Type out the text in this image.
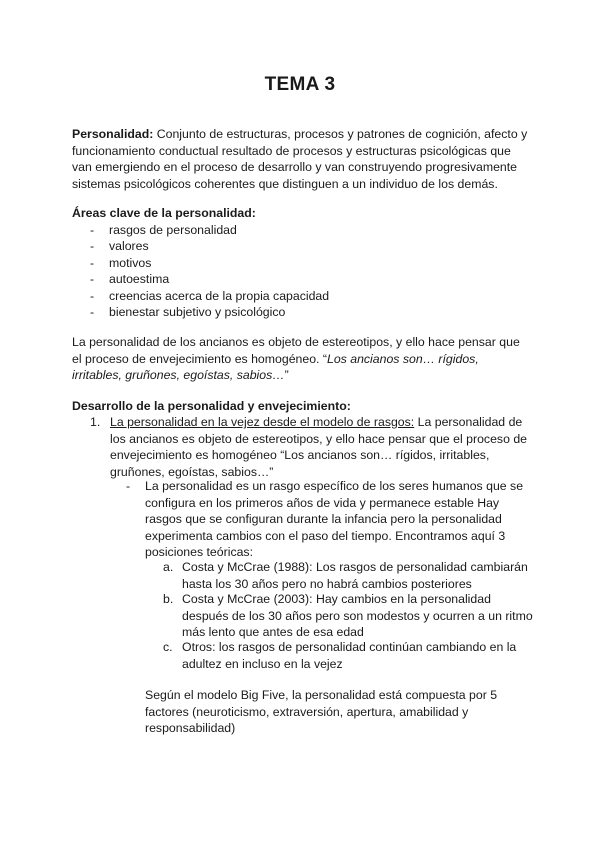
TEMA 3
Personalidad: Conjunto de estructuras, procesos y patrones de cognición, afecto y funcionamiento conductual resultado de procesos y estructuras psicológicas que van emergiendo en el proceso de desarrollo y van construyendo progresivamente sistemas psicológicos coherentes que distinguen a un individuo de los demás.
Áreas clave de la personalidad:
- rasgos de personalidad
- valores
- motivos
- autoestima
- creencias acerca de la propia capacidad
- bienestar subjetivo y psicológico
La personalidad de los ancianos es objeto de estereotipos, y ello hace pensar que el proceso de envejecimiento es homogéneo. “Los ancianos son… rígidos, irritables, gruñones, egoístas, sabios…”
Desarrollo de la personalidad y envejecimiento:
1. La personalidad en la vejez desde el modelo de rasgos: La personalidad de los ancianos es objeto de estereotipos, y ello hace pensar que el proceso de envejecimiento es homogéneo “Los ancianos son… rígidos, irritables, gruñones, egoístas, sabios…”
- La personalidad es un rasgo específico de los seres humanos que se configura en los primeros años de vida y permanece estable Hay rasgos que se configuran durante la infancia pero la personalidad experimenta cambios con el paso del tiempo. Encontramos aquí 3 posiciones teóricas:
a. Costa y McCrae (1988): Los rasgos de personalidad cambiarán hasta los 30 años pero no habrá cambios posteriores
b. Costa y McCrae (2003): Hay cambios en la personalidad después de los 30 años pero son modestos y ocurren a un ritmo más lento que antes de esa edad
c. Otros: los rasgos de personalidad continúan cambiando en la adultez en incluso en la vejez
Según el modelo Big Five, la personalidad está compuesta por 5 factores (neuroticismo, extraversión, apertura, amabilidad y responsabilidad)
